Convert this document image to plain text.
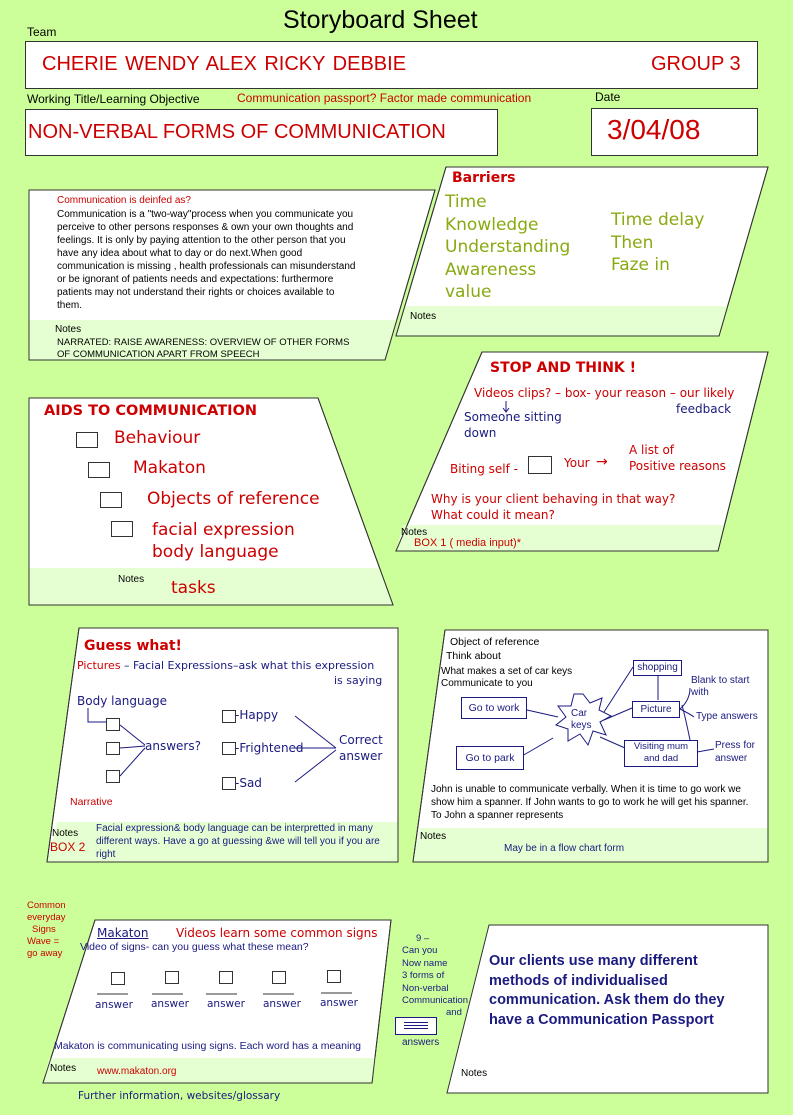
Storyboard Sheet
Team
CHERIE WENDY ALEX RICKY DEBBIE	GROUP 3
Working Title/Learning Objective	Communication passport? Factor made communication	Date
NON-VERBAL FORMS OF COMMUNICATION	3/04/08
Communication is deinfed as?
Communication is a "two-way"process when you communicate you perceive to other persons responses & own your own thoughts and feelings. It is only by paying attention to the other person that you have any idea about what to day or do next.When good communication is missing , health professionals can misunderstand or be ignorant of patients needs and expectations: furthermore patients may not understand their rights or choices available to them.
Notes
NARRATED: RAISE AWARENESS: OVERVIEW OF OTHER FORMS OF COMMUNICATION APART FROM SPEECH
Barriers
Time
Knowledge
Understanding
Awareness
value
Time delay
Then
Faze in
Notes
AIDS TO COMMUNICATION
Behaviour
Makaton
Objects of reference
facial expression
body language
Notes tasks
STOP AND THINK !
Videos clips? – box- your reason – our likely
feedback
Someone sitting
down
Biting self -	Your →
A list of
Positive reasons
Why is your client behaving in that way?
What could it mean?
Notes
BOX 1 ( media input)*
Guess what!
Pictures – Facial Expressions–ask what this expression
is saying
Body language
answers?
-Happy
-Frightened
-Sad
Correct
answer
Narrative
Notes
BOX 2
Facial expression& body language can be interpretted in many different ways. Have a go at guessing &we will tell you if you are right
Object of reference
Think about
What makes a set of car keys
Communicate to you
Go to work
Go to park
Car
keys
shopping
Picture
Visiting mum
and dad
Blank to start
with
Type answers
Press for
answer
John is unable to communicate verbally. When it is time to go work we show him a spanner. If John wants to go to work he will get his spanner. To John a spanner represents
Notes
May be in a flow chart form
Common
everyday
Signs
Wave =
go away
Makaton Videos learn some common signs
Video of signs- can you guess what these mean?
answer answer answer answer answer
Makaton is communicating using signs. Each word has a meaning
Notes www.makaton.org
Further information, websites/glossary
9 –
Can you
Now name
3 forms of
Non-verbal
Communication
and
answers
Our clients use many different methods of individualised communication. Ask them do they have a Communication Passport
Notes
